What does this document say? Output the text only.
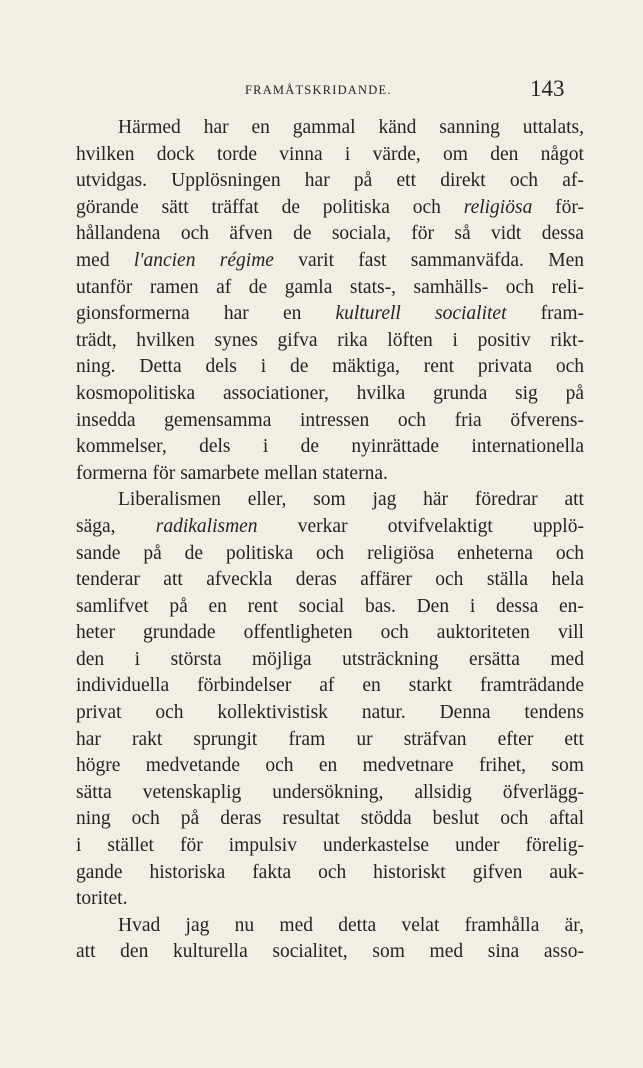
FRAMÅTSKRIDANDE.	143
Härmed har en gammal känd sanning uttalats,
hvilken dock torde vinna i värde, om den något
utvidgas. Upplösningen har på ett direkt och af-
görande sätt träffat de politiska och religiösa för-
hållandena och äfven de sociala, för så vidt dessa
med l'ancien régime varit fast sammanväfda. Men
utanför ramen af de gamla stats-, samhälls- och reli-
gionsformerna har en kulturell socialitet fram-
trädt, hvilken synes gifva rika löften i positiv rikt-
ning. Detta dels i de mäktiga, rent privata och
kosmopolitiska associationer, hvilka grunda sig på
insedda gemensamma intressen och fria öfverens-
kommelser, dels i de nyinrättade internationella
formerna för samarbete mellan staterna.
Liberalismen eller, som jag här föredrar att
säga, radikalismen verkar otvifvelaktigt upplö-
sande på de politiska och religiösa enheterna och
tenderar att afveckla deras affärer och ställa hela
samlifvet på en rent social bas. Den i dessa en-
heter grundade offentligheten och auktoriteten vill
den i största möjliga utsträckning ersätta med
individuella förbindelser af en starkt framträdande
privat och kollektivistisk natur. Denna tendens
har rakt sprungit fram ur sträfvan efter ett
högre medvetande och en medvetnare frihet, som
sätta vetenskaplig undersökning, allsidig öfverlägg-
ning och på deras resultat stödda beslut och aftal
i stället för impulsiv underkastelse under förelig-
gande historiska fakta och historiskt gifven auk-
toritet.
Hvad jag nu med detta velat framhålla är,
att den kulturella socialitet, som med sina asso-
